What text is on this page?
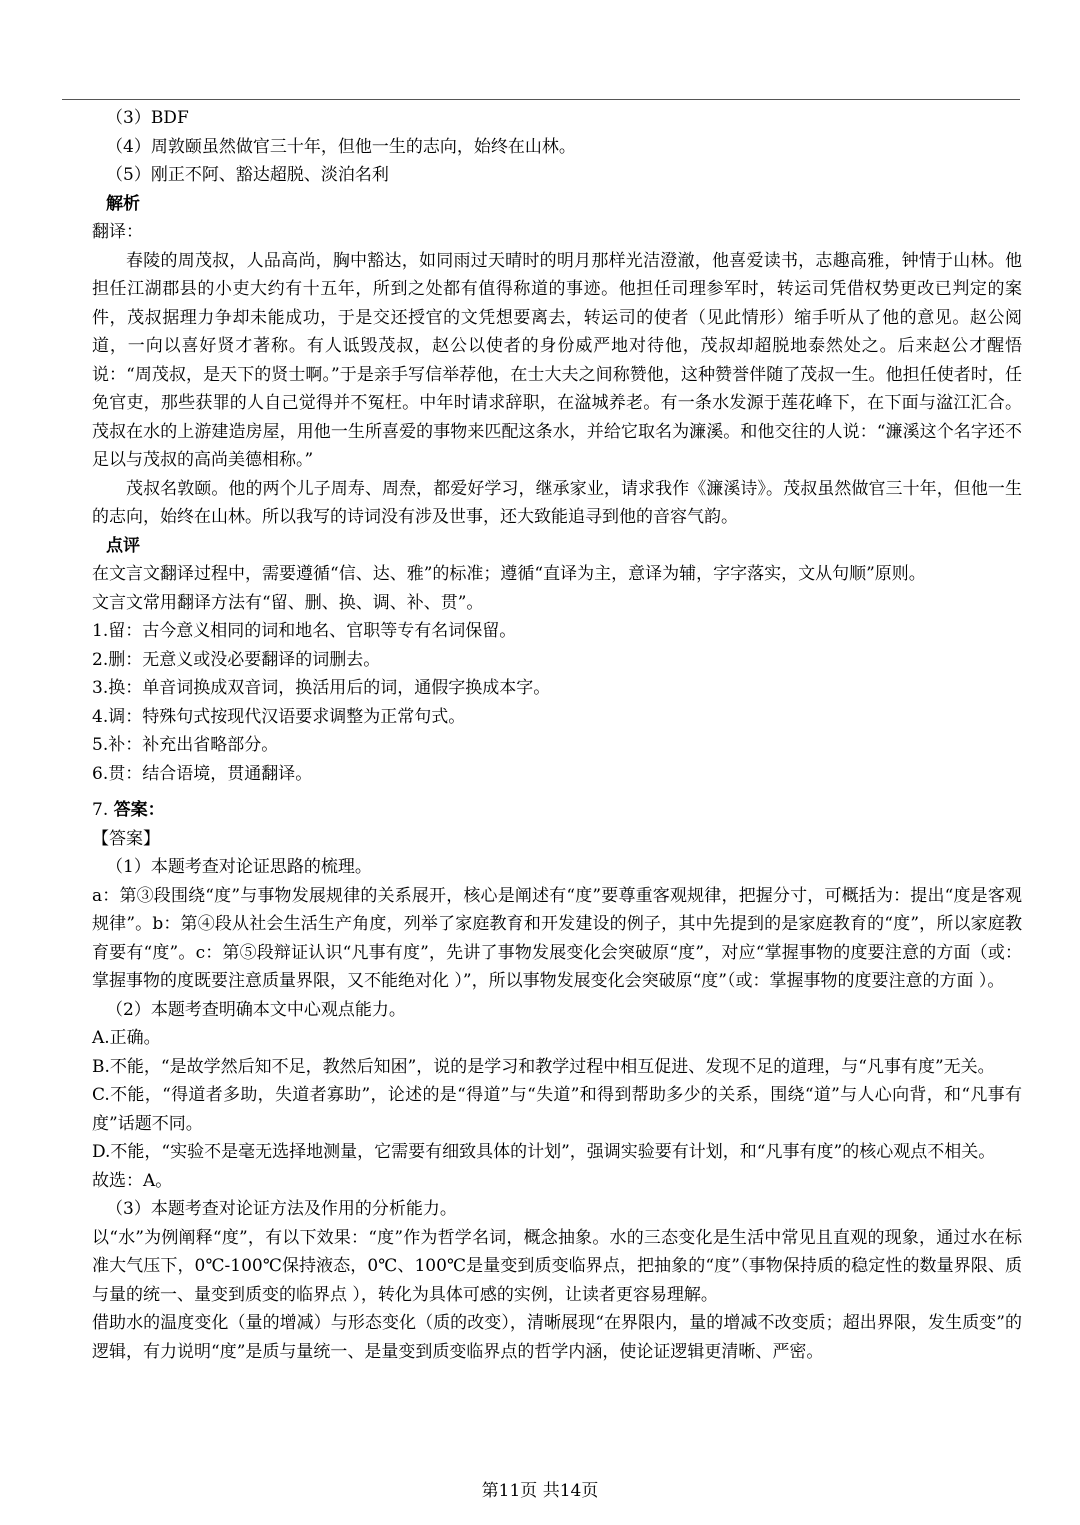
（3）BDF
（4）周敦颐虽然做官三十年，但他一生的志向，始终在山林。
（5）刚正不阿、豁达超脱、淡泊名利
解析
翻译：

春陵的周茂叔，人品高尚，胸中豁达，如同雨过天晴时的明月那样光洁澄澈，他喜爱读书，志趣高雅，钟情于山林。他担任江湖郡县的小吏大约有十五年，所到之处都有值得称道的事迹。他担任司理参军时，转运司凭借权势更改已判定的案件，茂叔据理力争却未能成功，于是交还授官的文凭想要离去，转运司的使者（见此情形）缩手听从了他的意见。赵公阅道，一向以喜好贤才著称。有人诋毁茂叔，赵公以使者的身份威严地对待他，茂叔却超脱地泰然处之。后来赵公才醒悟说：“周茂叔，是天下的贤士啊。”于是亲手写信举荐他，在士大夫之间称赞他，这种赞誉伴随了茂叔一生。他担任使者时，任免官吏，那些获罪的人自己觉得并不冤枉。中年时请求辞职，在湓城养老。有一条水发源于莲花峰下，在下面与湓江汇合。茂叔在水的上游建造房屋，用他一生所喜爱的事物来匹配这条水，并给它取名为濂溪。和他交往的人说：“濂溪这个名字还不足以与茂叔的高尚美德相称。”

茂叔名敦颐。他的两个儿子周寿、周焘，都爱好学习，继承家业，请求我作《濂溪诗》。茂叔虽然做官三十年，但他一生的志向，始终在山林。所以我写的诗词没有涉及世事，还大致能追寻到他的音容气韵。

点评

在文言文翻译过程中，需要遵循“信、达、雅”的标准；遵循“直译为主，意译为辅，字字落实，文从句顺”原则。

文言文常用翻译方法有“留、删、换、调、补、贯”。
1.留：古今意义相同的词和地名、官职等专有名词保留。
2.删：无意义或没必要翻译的词删去。
3.换：单音词换成双音词，换活用后的词，通假字换成本字。
4.调：特殊句式按现代汉语要求调整为正常句式。
5.补：补充出省略部分。
6.贯：结合语境，贯通翻译。
7. 答案：
【答案】
（1）本题考查对论证思路的梳理。

a：第③段围绕“度”与事物发展规律的关系展开，核心是阐述有“度”要尊重客观规律，把握分寸，可概括为：提出“度是客观规律”。b：第④段从社会生活生产角度，列举了家庭教育和开发建设的例子，其中先提到的是家庭教育的“度”，所以家庭教育要有“度”。c：第⑤段辩证认识“凡事有度”，先讲了事物发展变化会突破原“度”，对应“掌握事物的度要注意的方面（或：掌握事物的度既要注意质量界限，又不能绝对化 ）”，所以事物发展变化会突破原“度”（或：掌握事物的度要注意的方面 ）。

（2）本题考查明确本文中心观点能力。
A.正确。

B.不能，“是故学然后知不足，教然后知困”，说的是学习和教学过程中相互促进、发现不足的道理，与“凡事有度”无关。

C.不能，“得道者多助，失道者寡助”，论述的是“得道”与“失道”和得到帮助多少的关系，围绕“道”与人心向背，和“凡事有度”话题不同。

D.不能，“实验不是毫无选择地测量，它需要有细致具体的计划”，强调实验要有计划，和“凡事有度”的核心观点不相关。

故选：A。
（3）本题考查对论证方法及作用的分析能力。

以“水”为例阐释“度”，有以下效果：“度”作为哲学名词，概念抽象。水的三态变化是生活中常见且直观的现象，通过水在标准大气压下，0℃-100℃保持液态，0℃、100℃是量变到质变临界点，把抽象的“度”（事物保持质的稳定性的数量界限、质与量的统一、量变到质变的临界点 ），转化为具体可感的实例，让读者更容易理解。

借助水的温度变化（量的增减）与形态变化（质的改变），清晰展现“在界限内，量的增减不改变质；超出界限，发生质变”的逻辑，有力说明“度”是质与量统一、是量变到质变临界点的哲学内涵，使论证逻辑更清晰、严密。

第11页 共14页
